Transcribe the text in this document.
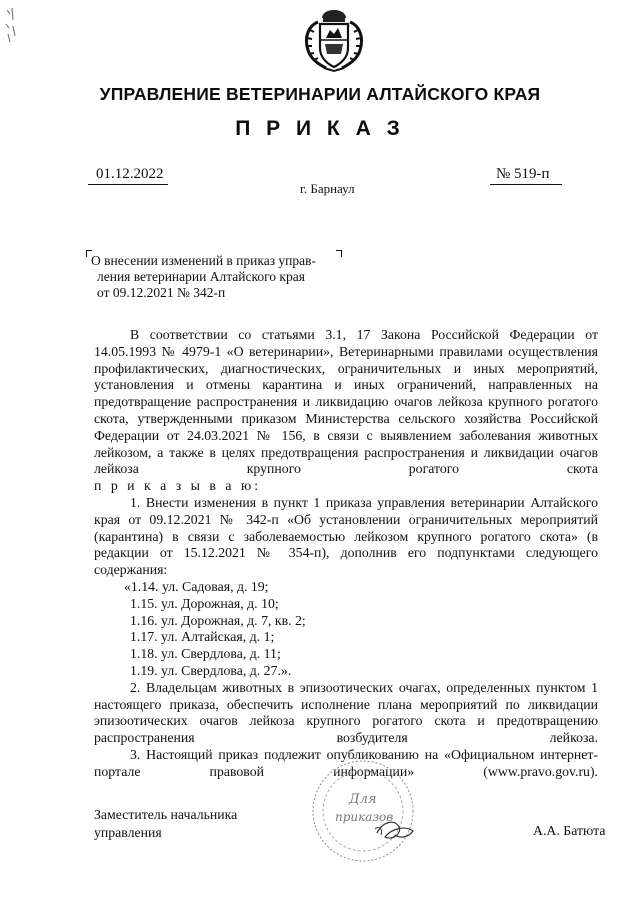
УПРАВЛЕНИЕ ВЕТЕРИНАРИИ АЛТАЙСКОГО КРАЯ
П Р И К А З
01.12.2022	№ 519-п
г. Барнаул
О внесении изменений в приказ управ-
ления ветеринарии Алтайского края
от 09.12.2021 № 342-п

В соответствии со статьями 3.1, 17 Закона Российской Федерации от 14.05.1993 № 4979-1 «О ветеринарии», Ветеринарными правилами осуществления профилактических, диагностических, ограничительных и иных мероприятий, установления и отмены карантина и иных ограничений, направленных на предотвращение распространения и ликвидацию очагов лейкоза крупного рогатого скота, утвержденными приказом Министерства сельского хозяйства Российской Федерации от 24.03.2021 № 156, в связи с выявлением заболевания животных лейкозом, а также в целях предотвращения распространения и ликвидации очагов лейкоза крупного рогатого скота

п р и к а з ы в а ю:

1. Внести изменения в пункт 1 приказа управления ветеринарии Алтайского края от 09.12.2021 № 342-п «Об установлении ограничительных мероприятий (карантина) в связи с заболеваемостью лейкозом крупного рогатого скота» (в редакции от 15.12.2021 № 354-п), дополнив его подпунктами следующего содержания:

«1.14. ул. Садовая, д. 19;

1.15. ул. Дорожная, д. 10;

1.16. ул. Дорожная, д. 7, кв. 2;

1.17. ул. Алтайская, д. 1;

1.18. ул. Свердлова, д. 11;

1.19. ул. Свердлова, д. 27.».

2. Владельцам животных в эпизоотических очагах, определенных пунктом 1 настоящего приказа, обеспечить исполнение плана мероприятий по ликвидации эпизоотических очагов лейкоза крупного рогатого скота и предотвращению распространения возбудителя лейкоза.

3. Настоящий приказ подлежит опубликованию на «Официальном интернет-портале правовой информации» (www.pravo.gov.ru).

Для
приказов
Заместитель начальника
управления	А.А. Батюта
